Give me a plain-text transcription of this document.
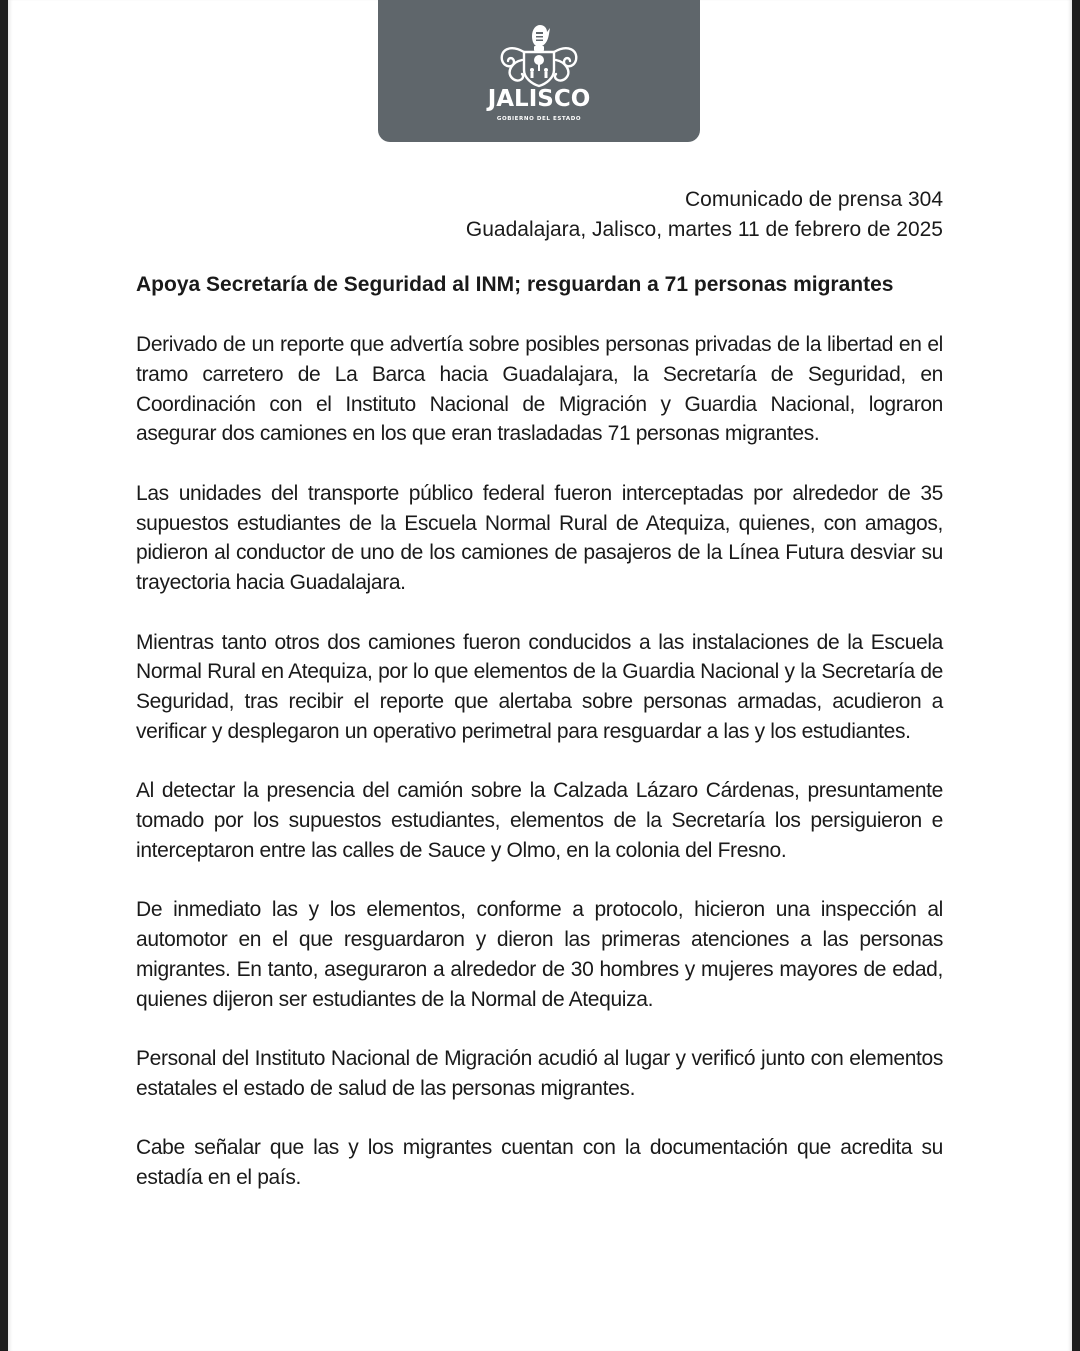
JALISCO
GOBIERNO DEL ESTADO
Comunicado de prensa 304
Guadalajara, Jalisco, martes 11 de febrero de 2025

Apoya Secretaría de Seguridad al INM; resguardan a 71 personas migrantes

Derivado de un reporte que advertía sobre posibles personas privadas de la libertad en el tramo carretero de La Barca hacia Guadalajara, la Secretaría de Seguridad, en Coordinación con el Instituto Nacional de Migración y Guardia Nacional, lograron asegurar dos camiones en los que eran trasladadas 71 personas migrantes.

Las unidades del transporte público federal fueron interceptadas por alrededor de 35 supuestos estudiantes de la Escuela Normal Rural de Atequiza, quienes, con amagos, pidieron al conductor de uno de los camiones de pasajeros de la Línea Futura desviar su trayectoria hacia Guadalajara.

Mientras tanto otros dos camiones fueron conducidos a las instalaciones de la Escuela Normal Rural en Atequiza, por lo que elementos de la Guardia Nacional y la Secretaría de Seguridad, tras recibir el reporte que alertaba sobre personas armadas, acudieron a verificar y desplegaron un operativo perimetral para resguardar a las y los estudiantes.

Al detectar la presencia del camión sobre la Calzada Lázaro Cárdenas, presuntamente tomado por los supuestos estudiantes, elementos de la Secretaría los persiguieron e interceptaron entre las calles de Sauce y Olmo, en la colonia del Fresno.

De inmediato las y los elementos, conforme a protocolo, hicieron una inspección al automotor en el que resguardaron y dieron las primeras atenciones a las personas migrantes. En tanto, aseguraron a alrededor de 30 hombres y mujeres mayores de edad, quienes dijeron ser estudiantes de la Normal de Atequiza.

Personal del Instituto Nacional de Migración acudió al lugar y verificó junto con elementos estatales el estado de salud de las personas migrantes.

Cabe señalar que las y los migrantes cuentan con la documentación que acredita su estadía en el país.
